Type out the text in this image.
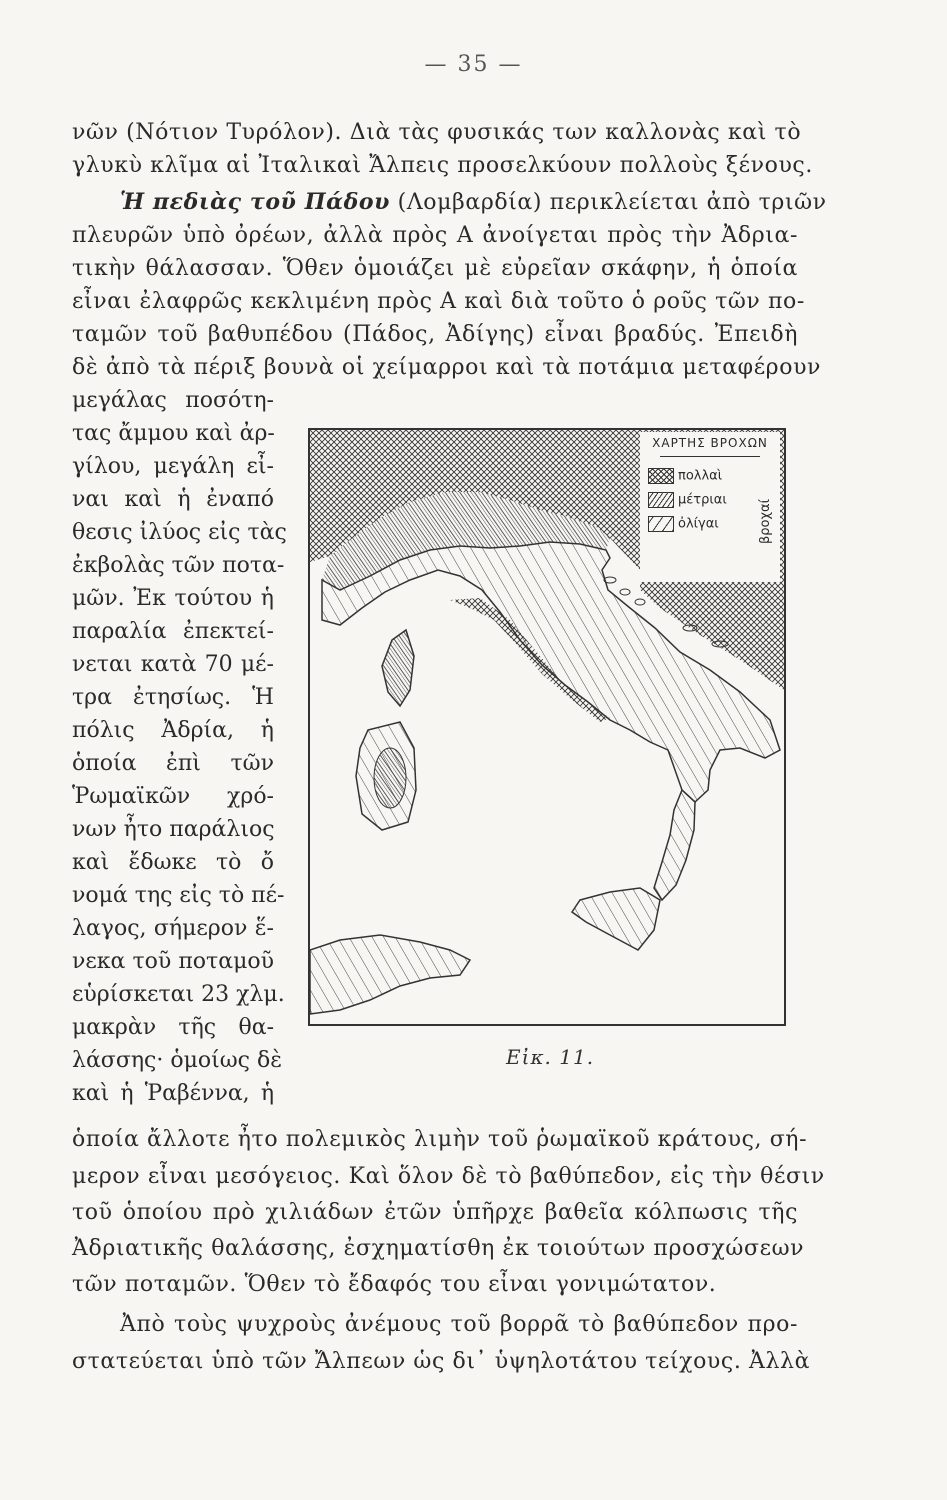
— 35 —
νῶν (Νότιον Τυρόλον). Διὰ τὰς φυσικάς των καλλονὰς καὶ τὸ
γλυκὺ κλῖμα αἱ Ἰταλικαὶ Ἄλπεις προσελκύουν πολλοὺς ξένους.
Ἡ πεδιὰς τοῦ Πάδου (Λομβαρδία) περικλείεται ἀπὸ τριῶν
πλευρῶν ὑπὸ ὀρέων, ἀλλὰ πρὸς Α ἀνοίγεται πρὸς τὴν Ἀδρια-
τικὴν θάλασσαν. Ὅθεν ὁμοιάζει μὲ εὐρεῖαν σκάφην, ἡ ὁποία
εἶναι ἐλαφρῶς κεκλιμένη πρὸς Α καὶ διὰ τοῦτο ὁ ροῦς τῶν πο-
ταμῶν τοῦ βαθυπέδου (Πάδος, Ἀδίγης) εἶναι βραδύς. Ἐπειδὴ
δὲ ἀπὸ τὰ πέριξ βουνὰ οἱ χείμαρροι καὶ τὰ ποτάμια μεταφέρουν
μεγάλας ποσότη-
τας ἄμμου καὶ ἀρ-
γίλου, μεγάλη εἶ-
ναι καὶ ἡ ἐναπό
θεσις ἰλύος εἰς τὰς
ἐκβολὰς τῶν ποτα-
μῶν. Ἐκ τούτου ἡ
παραλία ἐπεκτεί-
νεται κατὰ 70 μέ-
τρα ἐτησίως. Ἡ
πόλις Ἀδρία, ἡ
ὁποία ἐπὶ τῶν
Ῥωμαϊκῶν χρό-
νων ἦτο παράλιος
καὶ ἔδωκε τὸ ὄ
νομά της εἰς τὸ πέ-
λαγος, σήμερον ἕ-
νεκα τοῦ ποταμοῦ
εὑρίσκεται 23 χλμ.
μακρὰν τῆς θα-
λάσσης· ὁμοίως δὲ
καὶ ἡ Ῥαβέννα, ἡ
ὁποία ἄλλοτε ἦτο πολεμικὸς λιμὴν τοῦ ῥωμαϊκοῦ κράτους, σή-
μερον εἶναι μεσόγειος. Καὶ ὅλον δὲ τὸ βαθύπεδον, εἰς τὴν θέσιν
τοῦ ὁποίου πρὸ χιλιάδων ἐτῶν ὑπῆρχε βαθεῖα κόλπωσις τῆς
Ἀδριατικῆς θαλάσσης, ἐσχηματίσθη ἐκ τοιούτων προσχώσεων
τῶν ποταμῶν. Ὅθεν τὸ ἔδαφός του εἶναι γονιμώτατον.
Ἀπὸ τοὺς ψυχροὺς ἀνέμους τοῦ βορρᾶ τὸ βαθύπεδον προ-
στατεύεται ὑπὸ τῶν Ἄλπεων ὡς δι᾽ ὑψηλοτάτου τείχους. Ἀλλὰ
ΧΑΡΤΗΣ ΒΡΟΧΩΝ
πολλαὶ
μέτριαι
ὀλίγαι	βροχαί
Εἰκ. 11.
